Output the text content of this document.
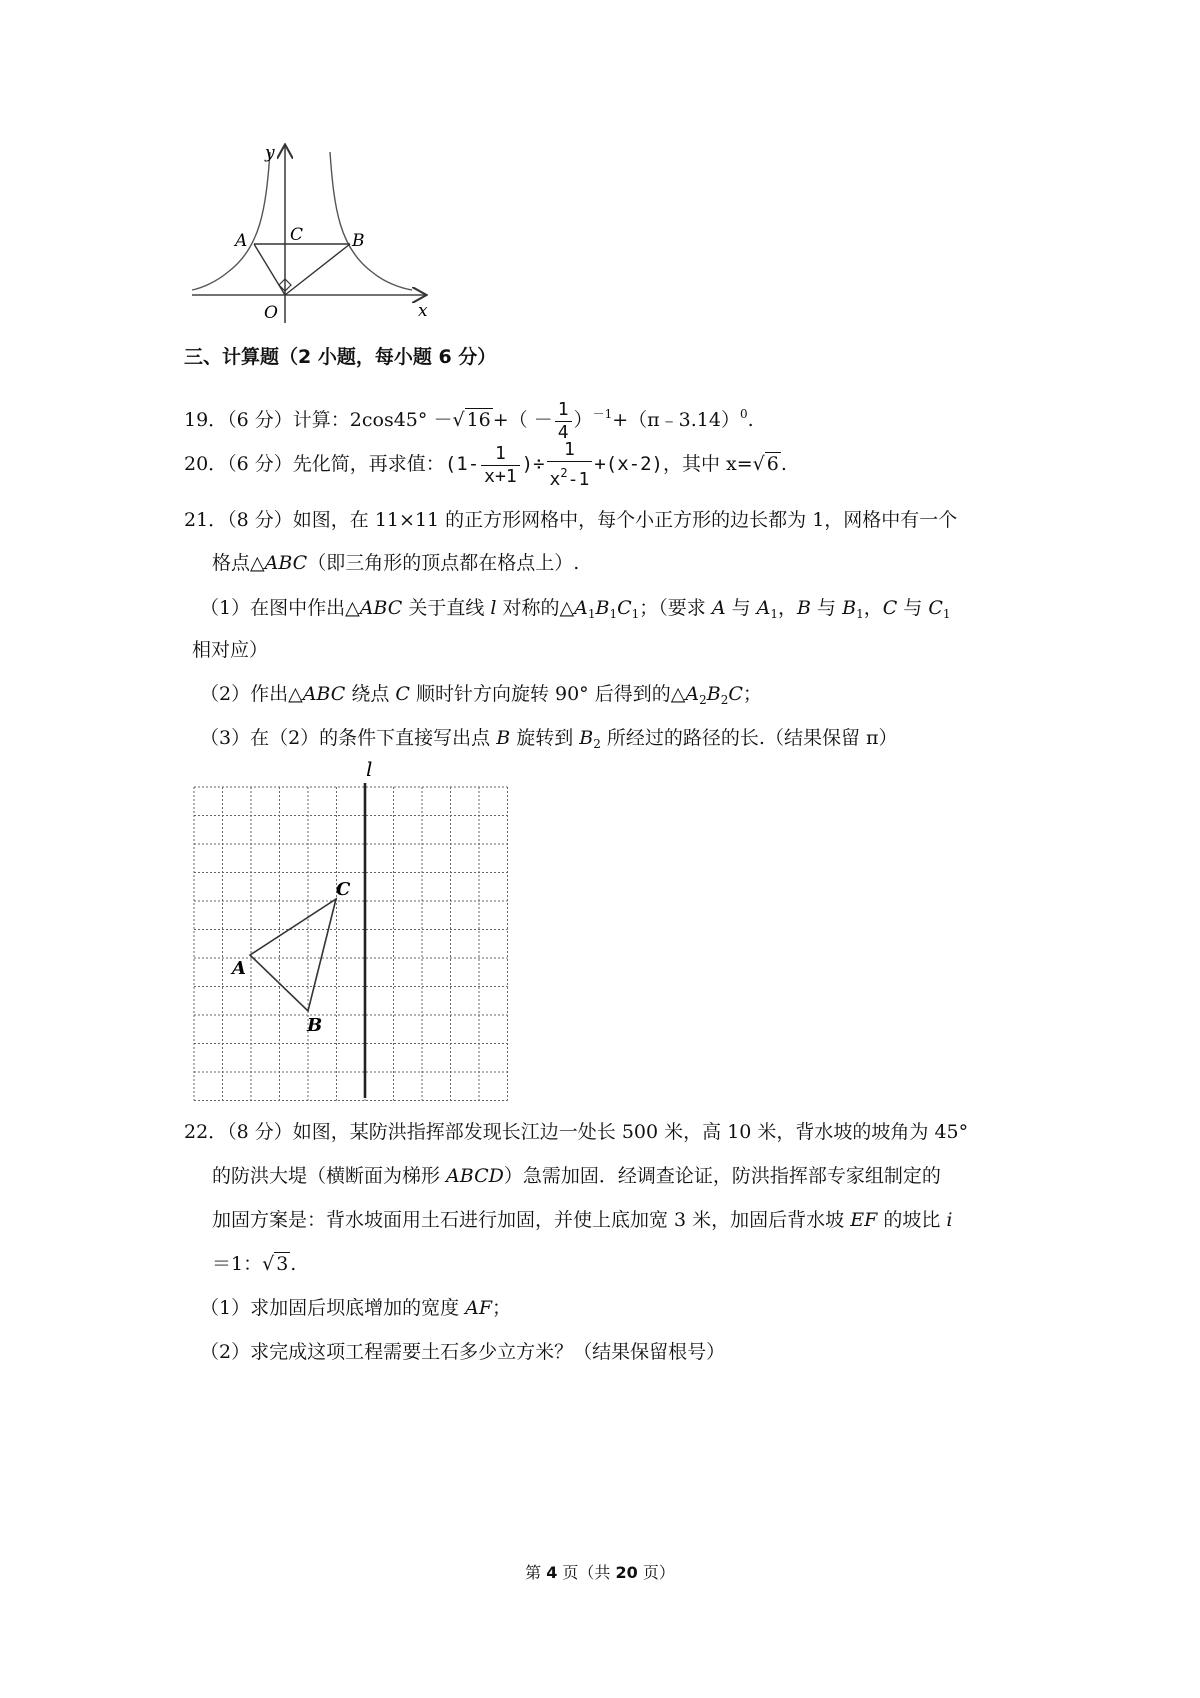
y
x
O
A	B
C
三、计算题（2 小题，每小题 6 分）
19．（6 分）计算：2cos45° －√ 16 +（ － $\frac{1}{4}$ ）$^{-1}$+（π﹣3.14）$^0$.
20．（6 分）先化简，再求值：($1- \frac{1}{x+1}$ )÷ $\frac{1}{x^2-1} +(x-2)$，其中 x=√ 6 .
21．（8 分）如图，在 11×11 的正方形网格中，每个小正方形的边长都为 1，网格中有一个
格点△ABC（即三角形的顶点都在格点上）.
（1）在图中作出△ABC 关于直线 l 对称的$\triangle A_1B_1C_1$；（要求 A 与 $A_1$，B 与 $B_1$，C 与 $C_1$
相对应）
（2）作出△ABC 绕点 C 顺时针方向旋转 90° 后得到的$\triangle A_2B_2C$；
（3）在（2）的条件下直接写出点 B 旋转到 $B_2$ 所经过的路径的长.（结果保留 π）
l
A
B
C
22．（8 分）如图，某防洪指挥部发现长江边一处长 500 米，高 10 米，背水坡的坡角为 45°
的防洪大堤（横断面为梯形 ABCD）急需加固．经调查论证，防洪指挥部专家组制定的
加固方案是：背水坡面用土石进行加固，并使上底加宽 3 米，加固后背水坡 EF 的坡比 i
＝1：√ 3 .
（1）求加固后坝底增加的宽度 AF；
（2）求完成这项工程需要土石多少立方米？（结果保留根号）
第 4 页（共 20 页）
